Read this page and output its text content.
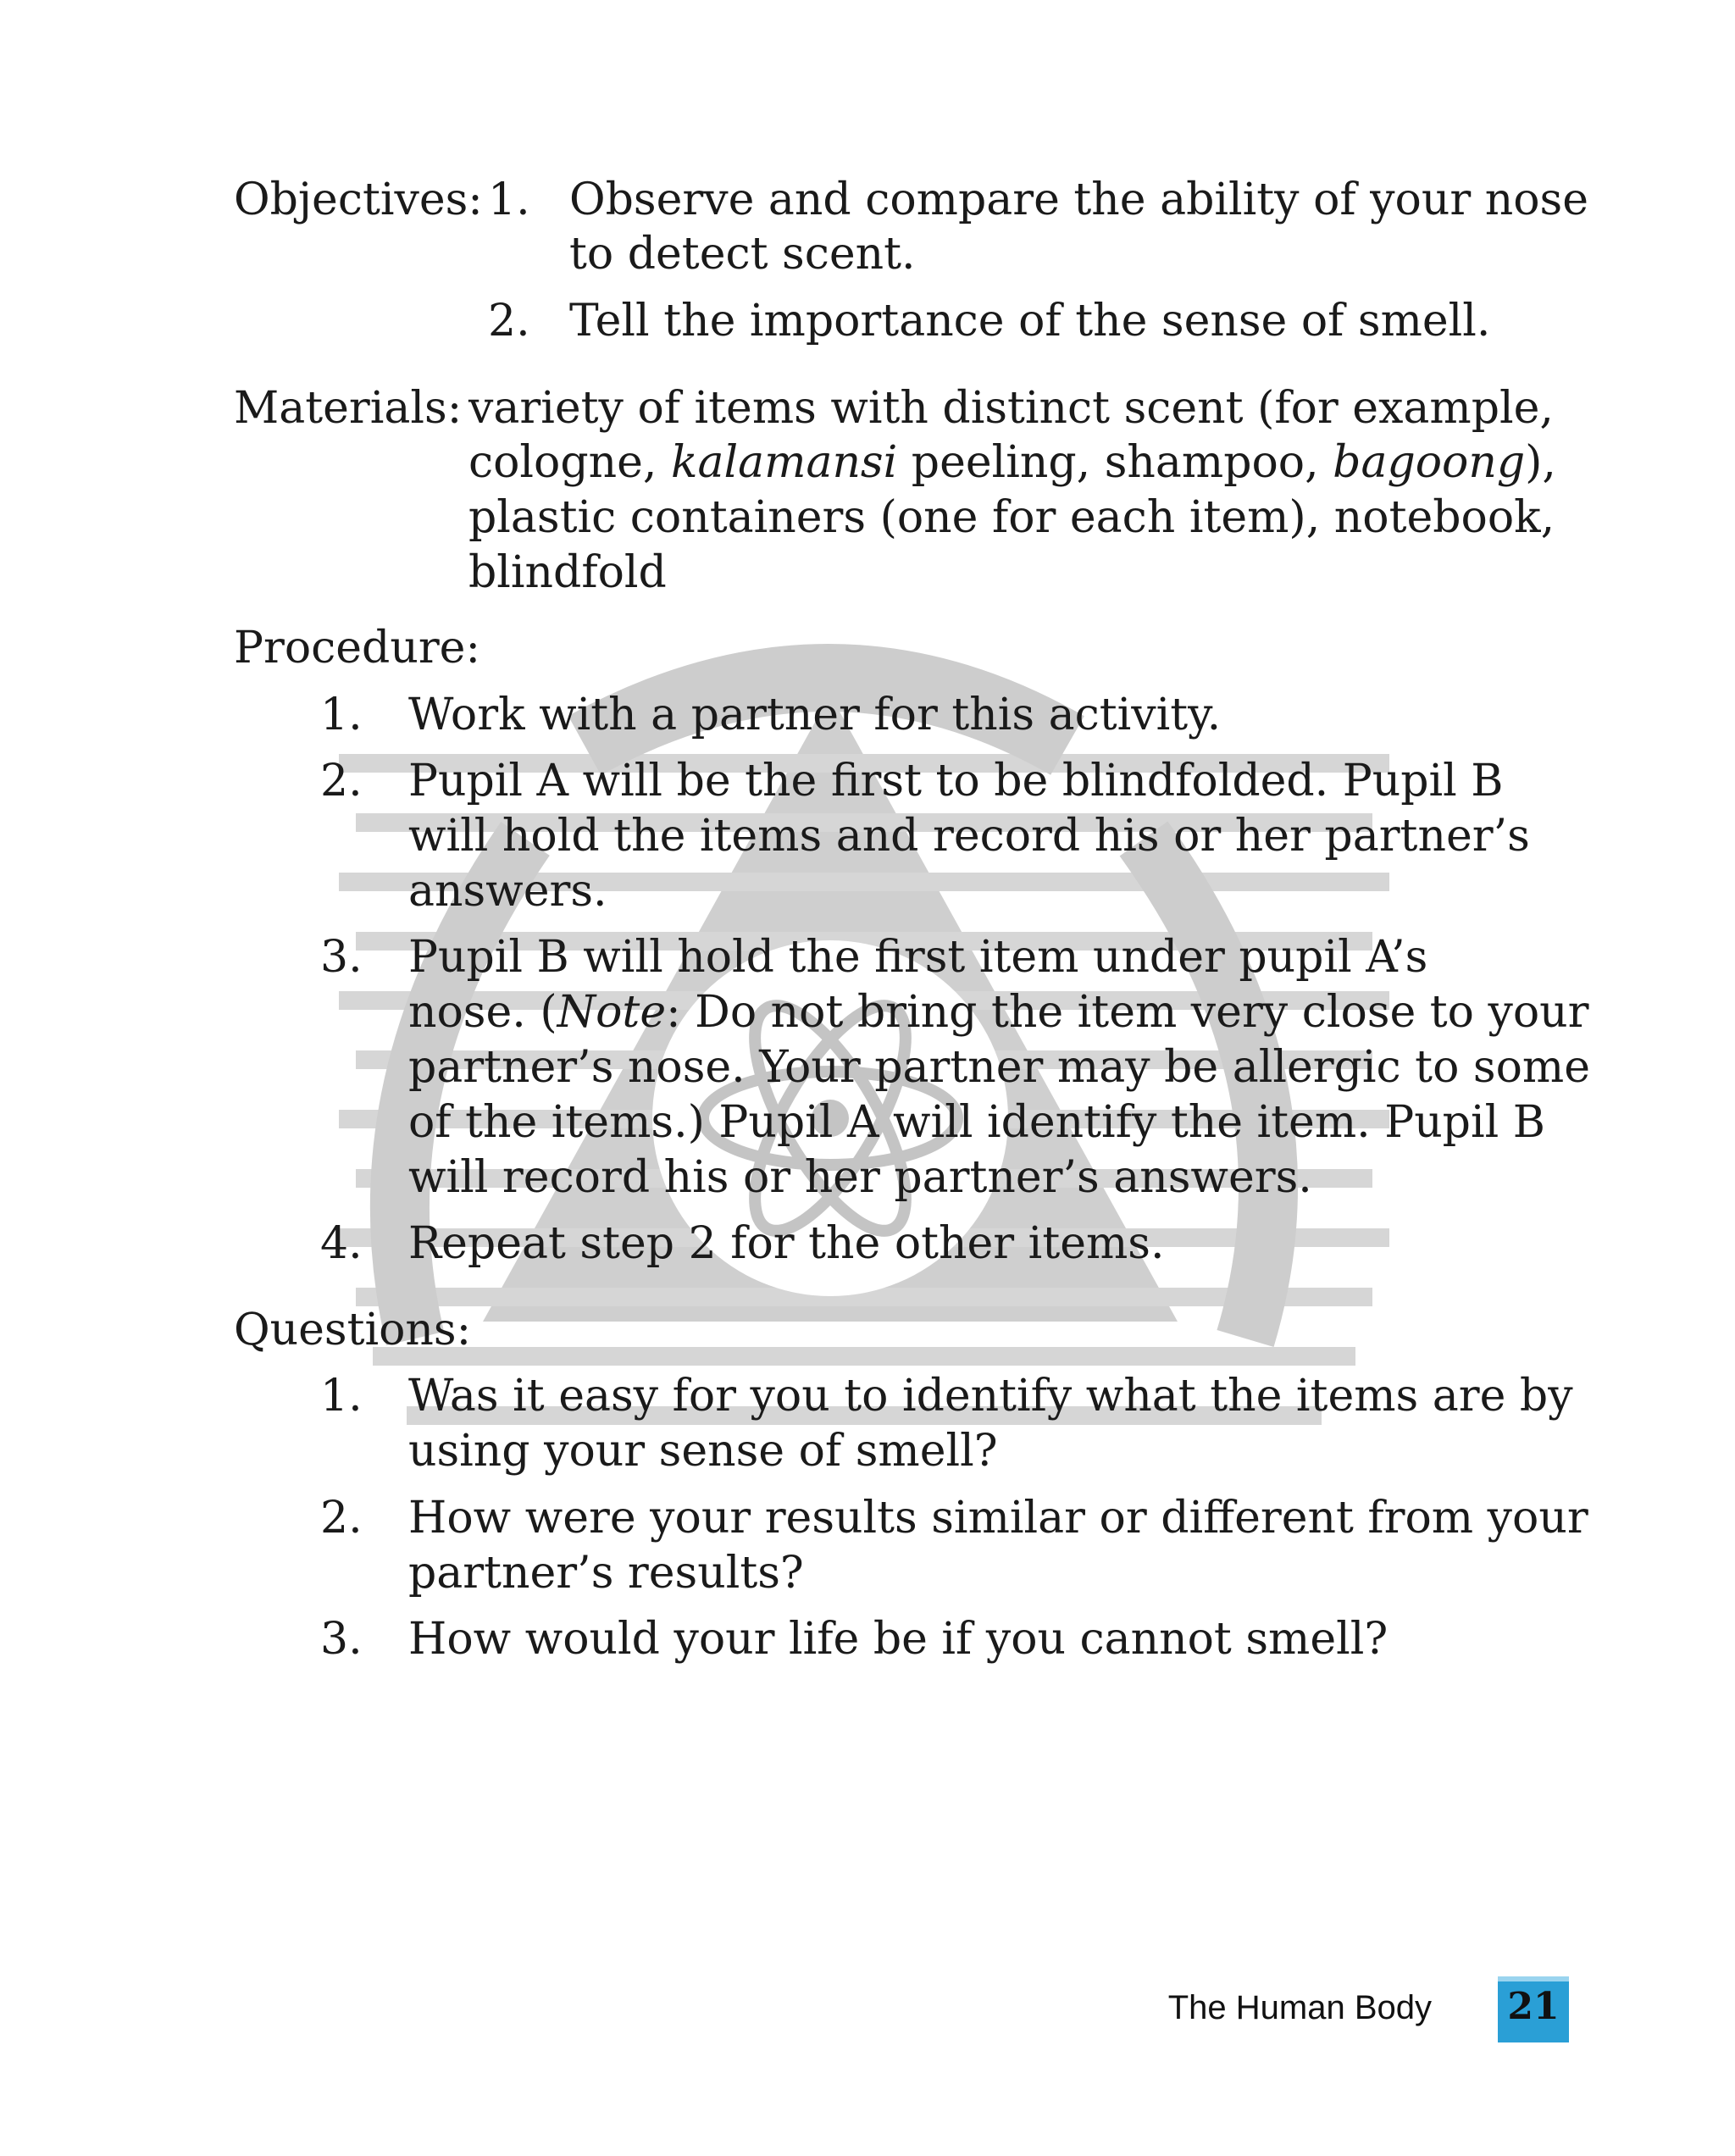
Objectives: 1. Observe and compare the ability of your nose
to detect scent.
2. Tell the importance of the sense of smell.
Materials: variety of items with distinct scent (for example,
cologne, kalamansi peeling, shampoo, bagoong),
plastic containers (one for each item), notebook,
blindfold
Procedure:
1. Work with a partner for this activity.
2. Pupil A will be the first to be blindfolded. Pupil B
will hold the items and record his or her partner’s
answers.
3. Pupil B will hold the first item under pupil A’s
nose. (Note: Do not bring the item very close to your
partner’s nose. Your partner may be allergic to some
of the items.) Pupil A will identify the item. Pupil B
will record his or her partner’s answers.
4. Repeat step 2 for the other items.
Questions:
1. Was it easy for you to identify what the items are by
using your sense of smell?
2. How were your results similar or different from your
partner’s results?
3. How would your life be if you cannot smell?
The Human Body 21
